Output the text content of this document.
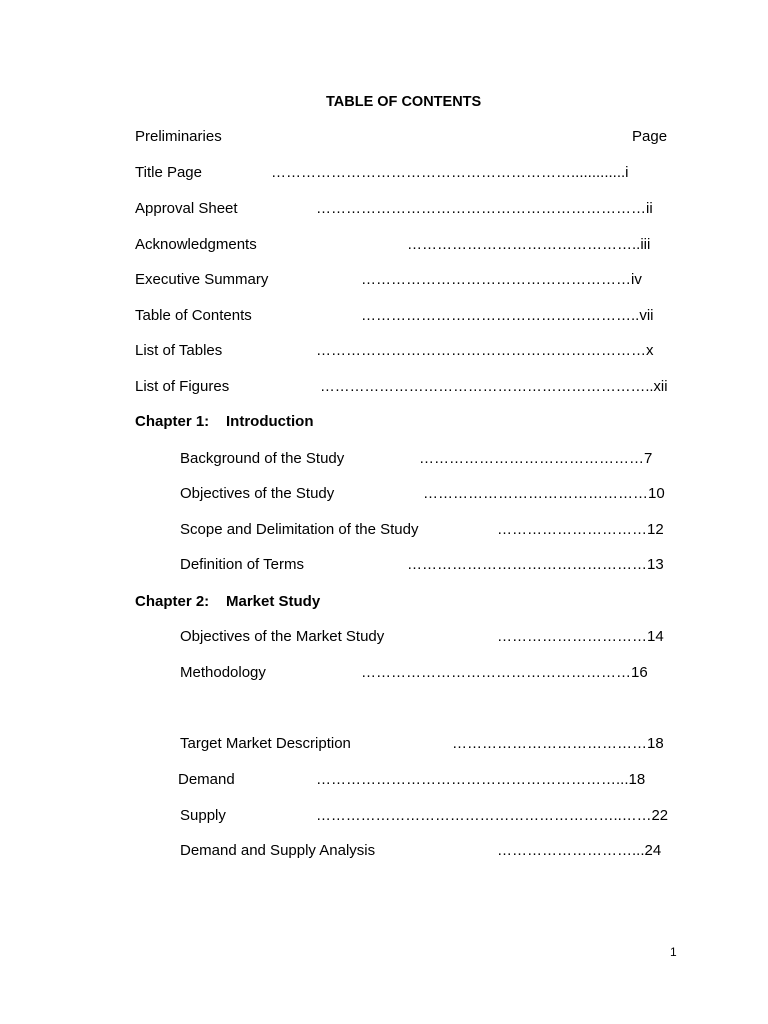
TABLE OF CONTENTS
Preliminaries	Page
Title Page	…………………………………………………….............i
Approval Sheet	…………………………………………………………ii
Acknowledgments	………………………………………..iii
Executive Summary	………………………………………………iv
Table of Contents	………………………………………………..vii
List of Tables	…………………………………………………………x
List of Figures	…………………………………………………………..xii
Chapter 1: Introduction
Background of the Study	………………………………………7
Objectives of the Study	………………………………………10
Scope and Delimitation of the Study	…………………………12
Definition of Terms	…………………………………………13
Chapter 2: Market Study
Objectives of the Market Study	…………………………14
Methodology	………………………………………………16
Target Market Description	…………………………………18
Demand	……………………………………………………...18
Supply	……………………………………………………..……22
Demand and Supply Analysis	………………………...24
1
